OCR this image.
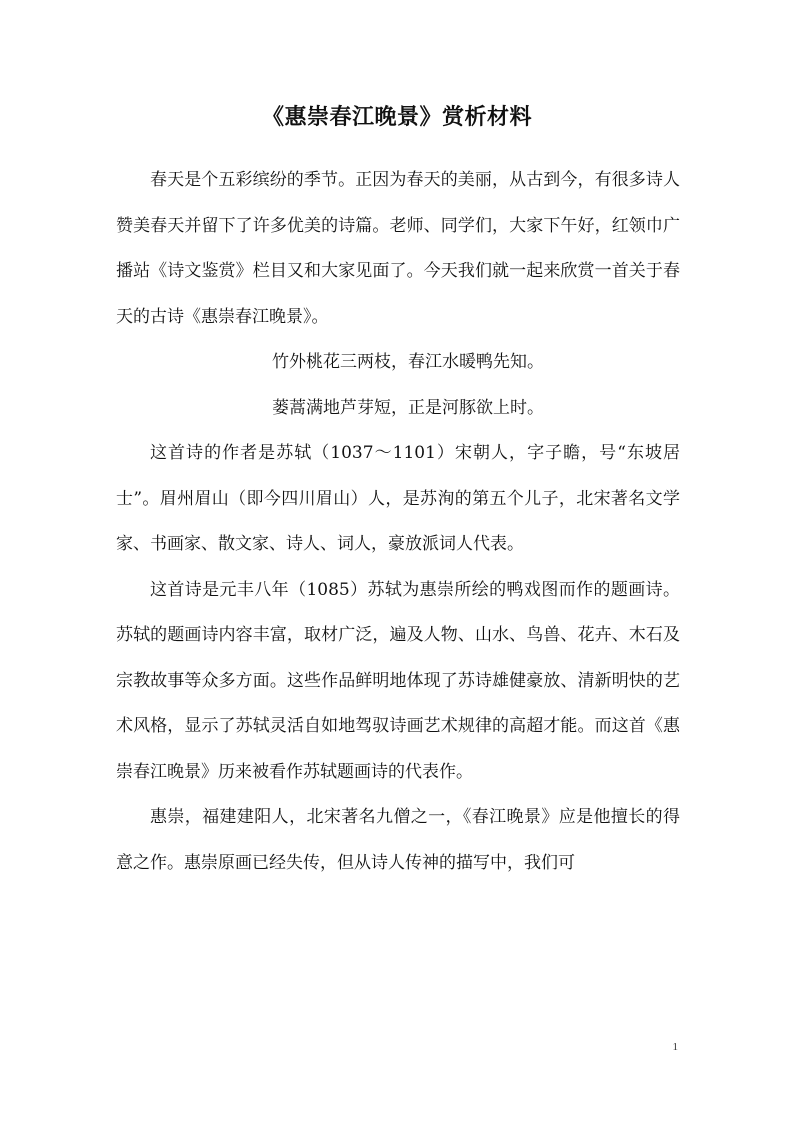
《惠崇春江晚景》赏析材料

春天是个五彩缤纷的季节。正因为春天的美丽，从古到今，有很多诗人赞美春天并留下了许多优美的诗篇。老师、同学们，大家下午好，红领巾广播站《诗文鉴赏》栏目又和大家见面了。今天我们就一起来欣赏一首关于春天的古诗《惠崇春江晚景》。

竹外桃花三两枝，春江水暖鸭先知。

蒌蒿满地芦芽短，正是河豚欲上时。

这首诗的作者是苏轼（1037～1101）宋朝人，字子瞻，号“东坡居士”。眉州眉山（即今四川眉山）人，是苏洵的第五个儿子，北宋著名文学家、书画家、散文家、诗人、词人，豪放派词人代表。

这首诗是元丰八年（1085）苏轼为惠崇所绘的鸭戏图而作的题画诗。苏轼的题画诗内容丰富，取材广泛，遍及人物、山水、鸟兽、花卉、木石及宗教故事等众多方面。这些作品鲜明地体现了苏诗雄健豪放、清新明快的艺术风格，显示了苏轼灵活自如地驾驭诗画艺术规律的高超才能。而这首《惠崇春江晚景》历来被看作苏轼题画诗的代表作。

惠崇，福建建阳人，北宋著名九僧之一，《春江晚景》应是他擅长的得意之作。惠崇原画已经失传，但从诗人传神的描写中，我们可

1
